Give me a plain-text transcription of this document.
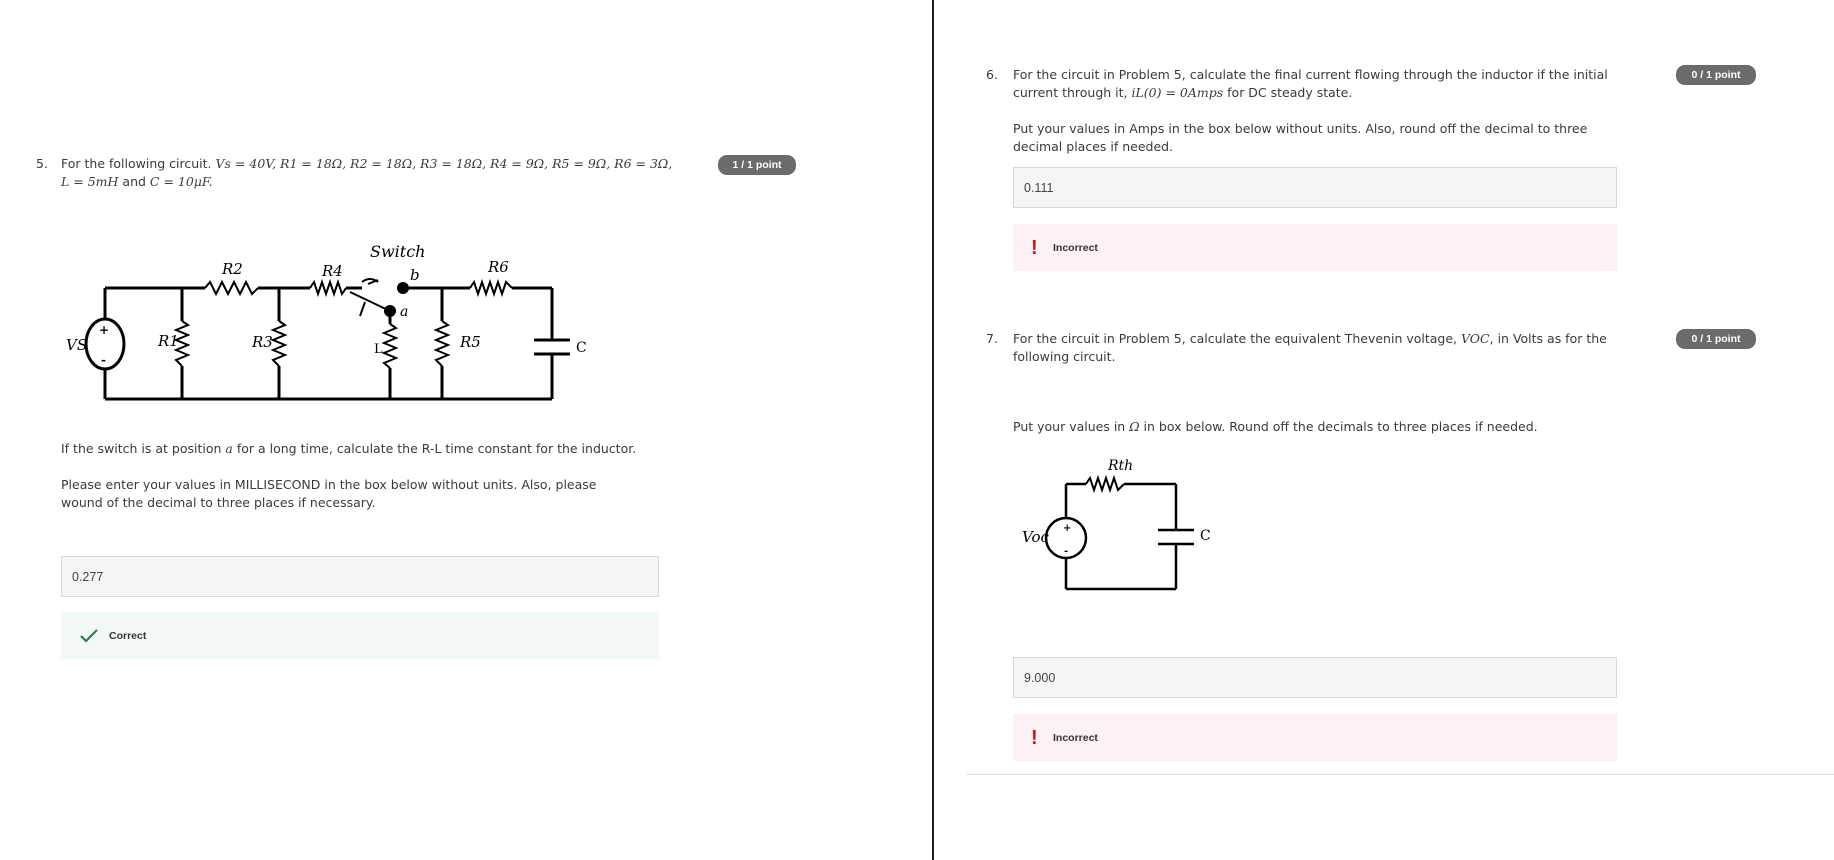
5. For the following circuit. Vs = 40V, R1 = 18Ω, R2 = 18Ω, R3 = 18Ω, R4 = 9Ω, R5 = 9Ω, R6 = 3Ω,
L = 5mH and C = 10μF.
1 / 1 point
+
-
VS
Switch
b
a
R2	R4	R6
R1	R3	R5
L	C
If the switch is at position a for a long time, calculate the R-L time constant for the inductor.
Please enter your values in MILLISECOND in the box below without units. Also, please wound of the decimal to three places if necessary.
0.277
Correct
6. For the circuit in Problem 5, calculate the final current flowing through the inductor if the initial current through it, iL(0) = 0Amps for DC steady state.
0 / 1 point
Put your values in Amps in the box below without units. Also, round off the decimal to three decimal places if needed.
0.111
! Incorrect
7. For the circuit in Problem 5, calculate the equivalent Thevenin voltage, VOC, in Volts as for the following circuit.
0 / 1 point
Put your values in Ω in box below. Round off the decimals to three places if needed.
+
-
Rth
Voc	C
9.000
! Incorrect
